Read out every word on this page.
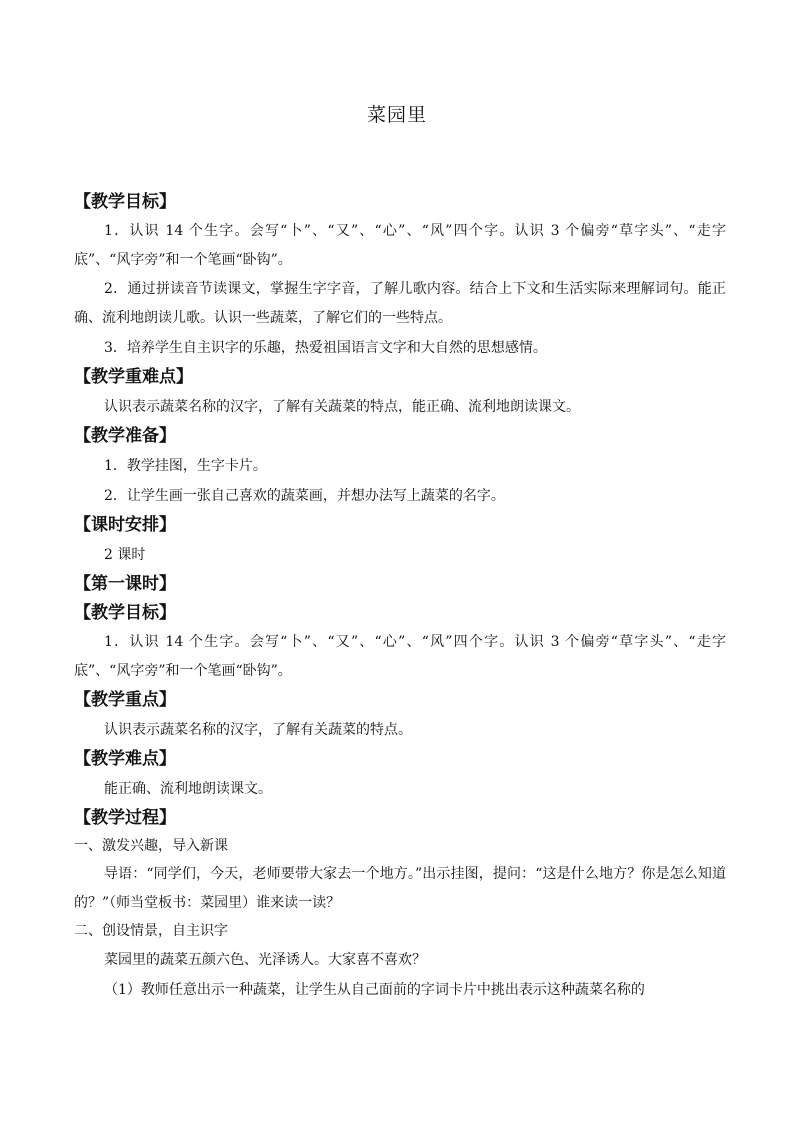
菜园里
【教学目标】

1．认识 14 个生字。会写“卜”、“又”、“心”、“风”四个字。认识 3 个偏旁“草字头”、“走字底”、“风字旁”和一个笔画“卧钩”。

2．通过拼读音节读课文，掌握生字字音，了解儿歌内容。结合上下文和生活实际来理解词句。能正确、流利地朗读儿歌。认识一些蔬菜，了解它们的一些特点。

3．培养学生自主识字的乐趣，热爱祖国语言文字和大自然的思想感情。

【教学重难点】

认识表示蔬菜名称的汉字，了解有关蔬菜的特点，能正确、流利地朗读课文。

【教学准备】

1．教学挂图，生字卡片。

2．让学生画一张自己喜欢的蔬菜画，并想办法写上蔬菜的名字。

【课时安排】

2 课时

【第一课时】
【教学目标】

1．认识 14 个生字。会写“卜”、“又”、“心”、“风”四个字。认识 3 个偏旁“草字头”、“走字底”、“风字旁”和一个笔画“卧钩”。

【教学重点】

认识表示蔬菜名称的汉字，了解有关蔬菜的特点。

【教学难点】

能正确、流利地朗读课文。

【教学过程】

一、激发兴趣，导入新课

导语：“同学们，今天，老师要带大家去一个地方。”出示挂图，提问：“这是什么地方？你是怎么知道的？”（师当堂板书：菜园里）谁来读一读？

二、创设情景，自主识字

菜园里的蔬菜五颜六色、光泽诱人。大家喜不喜欢？

（1）教师任意出示一种蔬菜，让学生从自己面前的字词卡片中挑出表示这种蔬菜名称的
